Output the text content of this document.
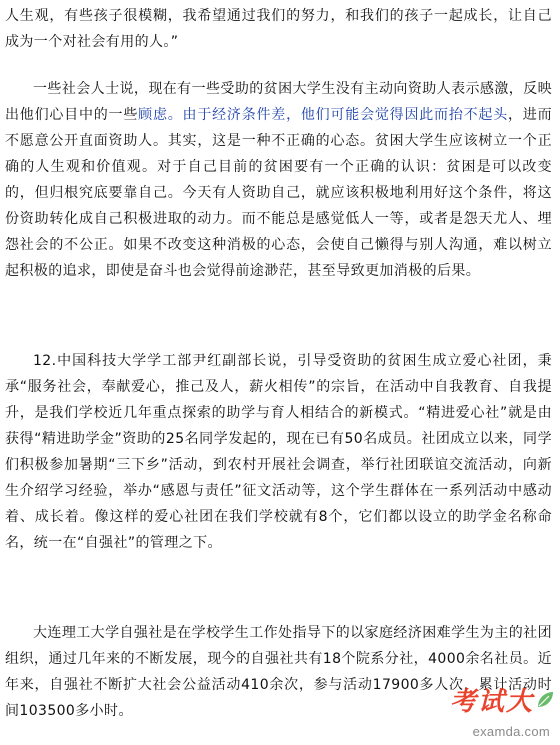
人生观，有些孩子很模糊，我希望通过我们的努力，和我们的孩子一起成长，让自己成为一个对社会有用的人。”

一些社会人士说，现在有一些受助的贫困大学生没有主动向资助人表示感激，反映出他们心目中的一些顾虑。由于经济条件差，他们可能会觉得因此而抬不起头，进而不愿意公开直面资助人。其实，这是一种不正确的心态。贫困大学生应该树立一个正确的人生观和价值观。对于自己目前的贫困要有一个正确的认识：贫困是可以改变的，但归根究底要靠自己。今天有人资助自己，就应该积极地利用好这个条件，将这份资助转化成自己积极进取的动力。而不能总是感觉低人一等，或者是怨天尤人、埋怨社会的不公正。如果不改变这种消极的心态，会使自己懒得与别人沟通，难以树立起积极的追求，即使是奋斗也会觉得前途渺茫，甚至导致更加消极的后果。

12.中国科技大学学工部尹红副部长说，引导受资助的贫困生成立爱心社团，秉承“服务社会，奉献爱心，推己及人，薪火相传”的宗旨，在活动中自我教育、自我提升，是我们学校近几年重点探索的助学与育人相结合的新模式。“精进爱心社”就是由获得“精进助学金”资助的25名同学发起的，现在已有50名成员。社团成立以来，同学们积极参加暑期“三下乡”活动，到农村开展社会调查，举行社团联谊交流活动，向新生介绍学习经验，举办“感恩与责任”征文活动等，这个学生群体在一系列活动中感动着、成长着。像这样的爱心社团在我们学校就有8个，它们都以设立的助学金名称命名，统一在“自强社”的管理之下。

大连理工大学自强社是在学校学生工作处指导下的以家庭经济困难学生为主的社团组织，通过几年来的不断发展，现今的自强社共有18个院系分社，4000余名社员。近年来，自强社不断扩大社会公益活动410余次，参与活动17900多人次，累计活动时间103500多小时。	考试大
examda.com
